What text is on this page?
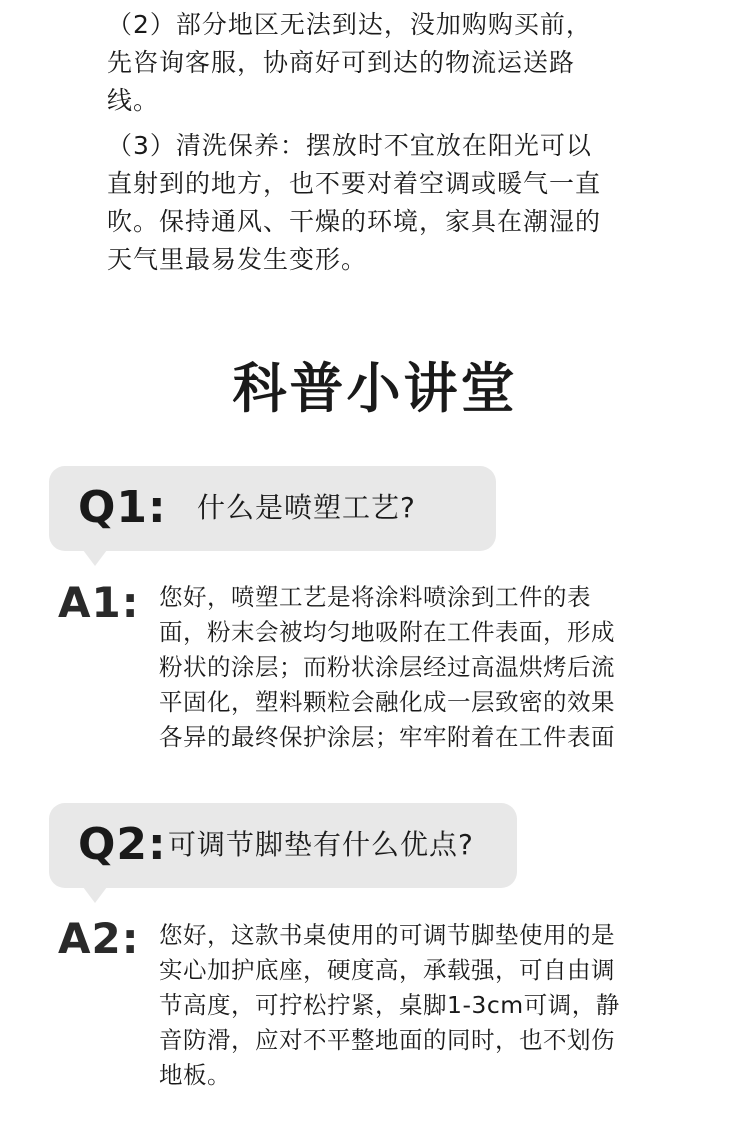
（2）部分地区无法到达，没加购购买前，
先咨询客服，协商好可到达的物流运送路
线。

（3）清洗保养：摆放时不宜放在阳光可以
直射到的地方，也不要对着空调或暖气一直
吹。保持通风、干燥的环境，家具在潮湿的
天气里最易发生变形。

科普小讲堂
Q1: 什么是喷塑工艺?
A1: 您好，喷塑工艺是将涂料喷涂到工件的表
面，粉末会被均匀地吸附在工件表面，形成
粉状的涂层；而粉状涂层经过高温烘烤后流
平固化，塑料颗粒会融化成一层致密的效果
各异的最终保护涂层；牢牢附着在工件表面
Q2: 可调节脚垫有什么优点?
A2: 您好，这款书桌使用的可调节脚垫使用的是
实心加护底座，硬度高，承载强，可自由调
节高度，可拧松拧紧，桌脚1-3cm可调，静
音防滑，应对不平整地面的同时，也不划伤
地板。
